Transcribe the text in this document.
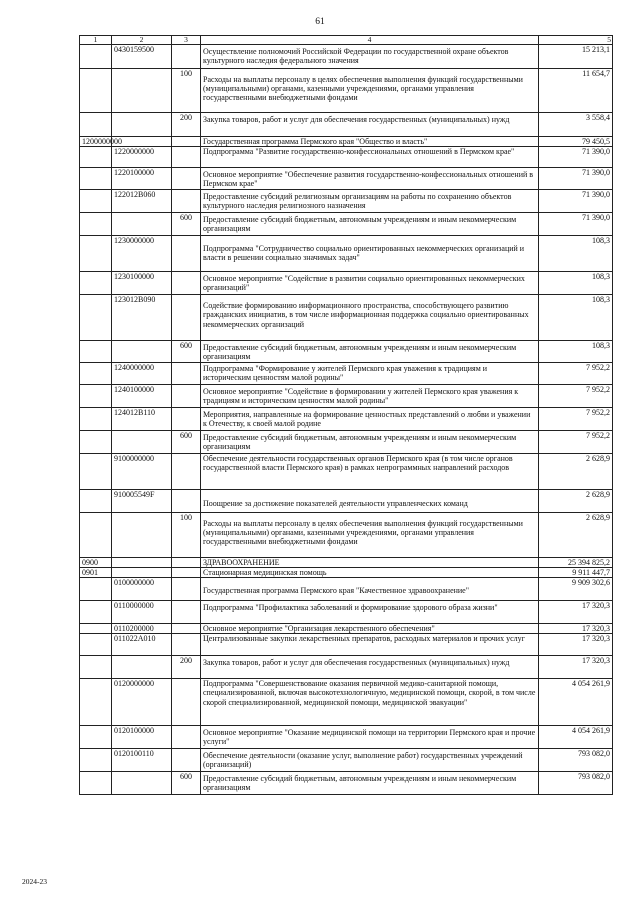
61
1	2	3	4	5
	0430159500		Осуществление полномочий Российской Федерации по государственной охране объектов культурного наследия федерального значения	15 213,1
		100	Расходы на выплаты персоналу в целях обеспечения выполнения функций государственными (муниципальными) органами, казенными учреждениями, органами управления государственными внебюджетными фондами	11 654,7
		200	Закупка товаров, работ и услуг для обеспечения государственных (муниципальных) нужд	3 558,4
1200000000			Государственная программа Пермского края "Общество и власть"	79 450,5
	1220000000		Подпрограмма "Развитие государственно-конфессиональных отношений в Пермском крае"	71 390,0
	1220100000		Основное мероприятие "Обеспечение развития государственно-конфессиональных отношений в Пермском крае"	71 390,0
	122012B060		Предоставление субсидий религиозным организациям на работы по сохранению объектов культурного наследия религиозного назначения	71 390,0
		600	Предоставление субсидий бюджетным, автономным учреждениям и иным некоммерческим организациям	71 390,0
	1230000000		Подпрограмма "Сотрудничество социально ориентированных некоммерческих организаций и власти в решении социально значимых задач"	108,3
	1230100000		Основное мероприятие "Содействие в развитии социально ориентированных некоммерческих организаций"	108,3
	123012B090		Содействие формированию информационного пространства, способствующего развитию гражданских инициатив, в том числе информационная поддержка социально ориентированных некоммерческих организаций	108,3
		600	Предоставление субсидий бюджетным, автономным учреждениям и иным некоммерческим организациям	108,3
	1240000000		Подпрограмма "Формирование у жителей Пермского края уважения к традициям и историческим ценностям малой родины"	7 952,2
	1240100000		Основное мероприятие "Содействие в формировании у жителей Пермского края уважения к традициям и историческим ценностям малой родины"	7 952,2
	124012B110		Мероприятия, направленные на формирование ценностных представлений о любви и уважении к Отечеству, к своей малой родине	7 952,2
		600	Предоставление субсидий бюджетным, автономным учреждениям и иным некоммерческим организациям	7 952,2
	9100000000		Обеспечение деятельности государственных органов Пермского края (в том числе органов государственной власти Пермского края) в рамках непрограммных направлений расходов	2 628,9
	910005549F		Поощрение за достижение показателей деятельности управленческих команд	2 628,9
		100	Расходы на выплаты персоналу в целях обеспечения выполнения функций государственными (муниципальными) органами, казенными учреждениями, органами управления государственными внебюджетными фондами	2 628,9
0900			ЗДРАВООХРАНЕНИЕ	25 394 825,2
0901			Стационарная медицинская помощь	9 911 447,7
	0100000000		Государственная программа Пермского края "Качественное здравоохранение"	9 909 302,6
	0110000000		Подпрограмма "Профилактика заболеваний и формирование здорового образа жизни"	17 320,3
	0110200000		Основное мероприятие "Организация лекарственного обеспечения"	17 320,3
	011022A010		Централизованные закупки лекарственных препаратов, расходных материалов и прочих услуг	17 320,3
		200	Закупка товаров, работ и услуг для обеспечения государственных (муниципальных) нужд	17 320,3
	0120000000		Подпрограмма "Совершенствование оказания первичной медико-санитарной помощи, специализированной, включая высокотехнологичную, медицинской помощи, скорой, в том числе скорой специализированной, медицинской помощи, медицинской эвакуации"	4 054 261,9
	0120100000		Основное мероприятие "Оказание медицинской помощи на территории Пермского края и прочие услуги"	4 054 261,9
	0120100110		Обеспечение деятельности (оказание услуг, выполнение работ) государственных учреждений (организаций)	793 082,0
		600	Предоставление субсидий бюджетным, автономным учреждениям и иным некоммерческим организациям	793 082,0
2024-23
